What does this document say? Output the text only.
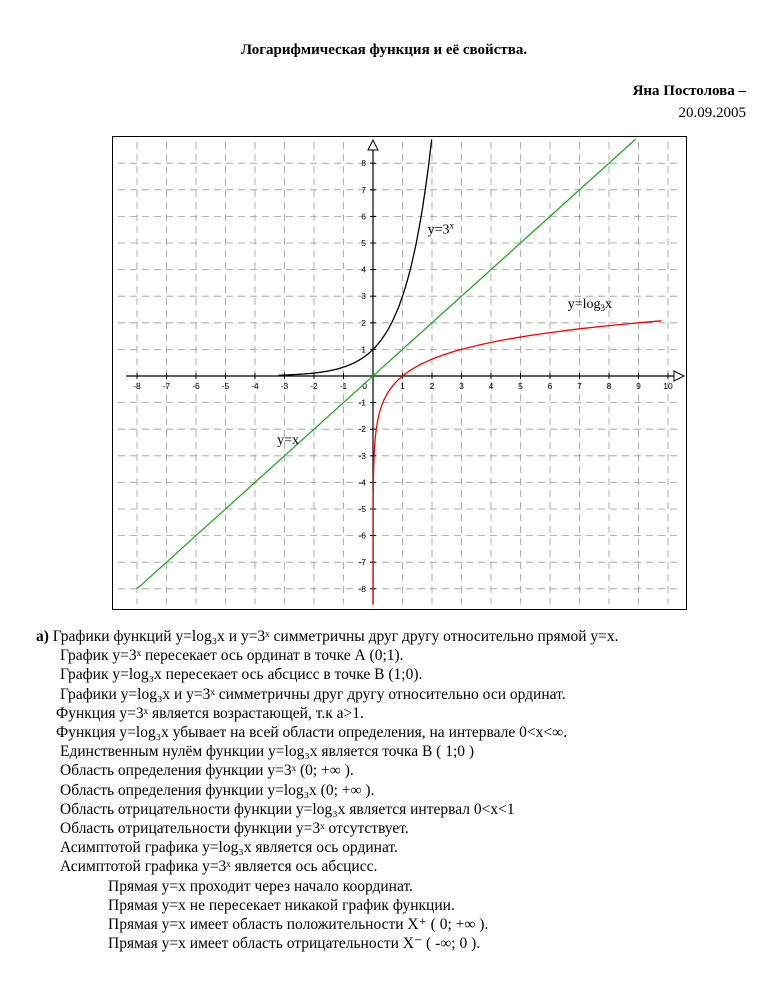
Логарифмическая функция и её свойства.
Яна Постолова –
20.09.2005
-8	-7	-6	-5	-4	-3	-2	-1	1	2	3	4	5	6	7	8	9	10
8
7
6
5
4
3
2
1
-1
-2
-3
-4
-5
-6
-7
-8
0
$y=3^x$
$y=\log_3x$
y=x
а) Графики функций y=log₃x и y=3ˣ симметричны друг другу относительно прямой y=x.
График y=3ˣ пересекает ось ординат в точке А (0;1).
График y=log₃x пересекает ось абсцисс в точке В (1;0).
Графики y=log₃x и y=3ˣ симметричны друг другу относительно оси ординат.
Функция y=3ˣ является возрастающей, т.к a>1.
Функция y=log₃x убывает на всей области определения, на интервале 0<x<∞.
Единственным нулём функции y=log₃x является точка В ( 1;0 )
Область определения функции y=3ˣ (0; +∞ ).
Область определения функции y=log₃x (0; +∞ ).
Область отрицательности функции y=log₃x является интервал 0<x<1
Область отрицательности функции y=3ˣ отсутствует.
Асимптотой графика y=log₃x является ось ординат.
Асимптотой графика y=3ˣ является ось абсцисс.
Прямая y=x проходит через начало координат.
Прямая y=x не пересекает никакой график функции.
Прямая y=x имеет область положительности X⁺ ( 0; +∞ ).
Прямая y=x имеет область отрицательности X⁻ ( -∞; 0 ).
